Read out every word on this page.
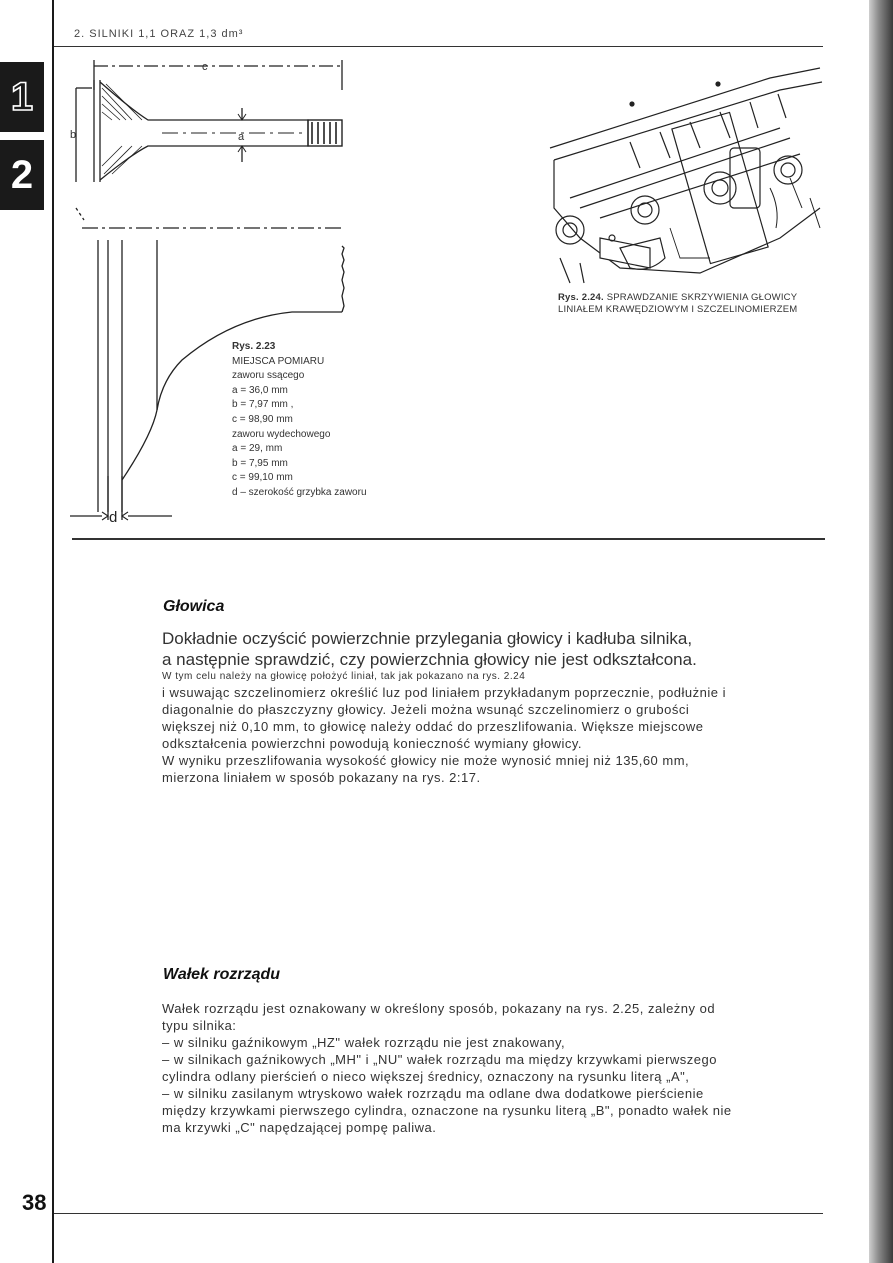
1
2
2. SILNIKI 1,1 ORAZ 1,3 dm³
c
b	a
d
Rys. 2.23
MIEJSCA POMIARU
zaworu ssącego
a = 36,0 mm
b = 7,97 mm ,
c = 98,90 mm
zaworu wydechowego
a = 29, mm
b = 7,95 mm
c = 99,10 mm
d – szerokość grzybka zaworu
Rys. 2.24. SPRAWDZANIE SKRZYWIENIA GŁOWICY
LINIAŁEM KRAWĘDZIOWYM I SZCZELINOMIERZEM
Głowica

Dokładnie oczyścić powierzchnie przylegania głowicy i kadłuba silnika,

a następnie sprawdzić, czy powierzchnia głowicy nie jest odkształcona.

W tym celu należy na głowicę położyć liniał, tak jak pokazano na rys. 2.24

i wsuwając szczelinomierz określić luz pod liniałem przykładanym poprzecznie, podłużnie i diagonalnie do płaszczyzny głowicy. Jeżeli można wsunąć szczelinomierz o grubości większej niż 0,10 mm, to głowicę należy oddać do przeszlifowania. Większe miejscowe odkształcenia powierzchni powodują konieczność wymiany głowicy.

W wyniku przeszlifowania wysokość głowicy nie może wynosić mniej niż 135,60 mm, mierzona liniałem w sposób pokazany na rys. 2:17.

Wałek rozrządu

Wałek rozrządu jest oznakowany w określony sposób, pokazany na rys. 2.25, zależny od typu silnika:

– w silniku gaźnikowym „HZ" wałek rozrządu nie jest znakowany,

– w silnikach gaźnikowych „MH" i „NU" wałek rozrządu ma między krzywkami pierwszego cylindra odlany pierścień o nieco większej średnicy, oznaczony na rysunku literą „A",

– w silniku zasilanym wtryskowo wałek rozrządu ma odlane dwa dodatkowe pierścienie między krzywkami pierwszego cylindra, oznaczone na rysunku literą „B", ponadto wałek nie ma krzywki „C" napędzającej pompę paliwa.

38
